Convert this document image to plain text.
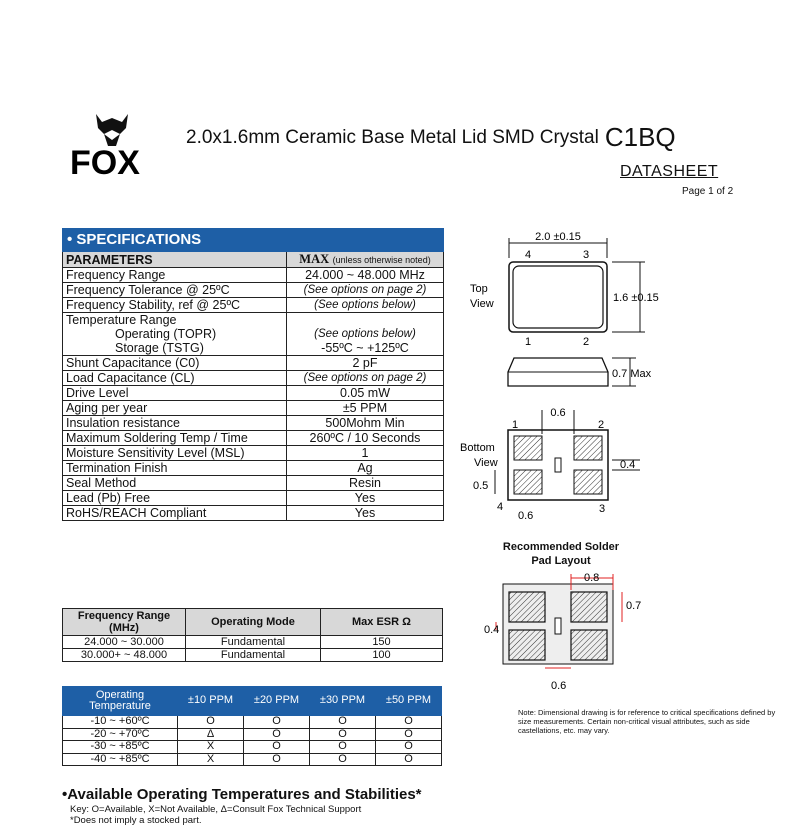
FOX
2.0x1.6mm Ceramic Base Metal Lid SMD Crystal C1BQ
DATASHEET
Page 1 of 2
• SPECIFICATIONS	
PARAMETERS	MAX (unless otherwise noted)
Frequency Range	24.000 ~ 48.000 MHz
Frequency Tolerance @ 25ºC	(See options on page 2)
Frequency Stability, ref @ 25ºC	(See options below)
Temperature Range	
Operating (TOPR)	(See options below)
Storage (TSTG)	-55ºC ~ +125ºC
Shunt Capacitance (C0)	2 pF
Load Capacitance (CL)	(See options on page 2)
Drive Level	0.05 mW
Aging per year	±5 PPM
Insulation resistance	500Mohm Min
Maximum Soldering Temp / Time	260ºC / 10 Seconds
Moisture Sensitivity Level (MSL)	1
Termination Finish	Ag
Seal Method	Resin
Lead (Pb) Free	Yes
RoHS/REACH Compliant	Yes
Frequency Range (MHz)	Operating Mode	Max ESR Ω
24.000 ~ 30.000	Fundamental	150
30.000+ ~ 48.000	Fundamental	100
Operating Temperature	±10 PPM	±20 PPM	±30 PPM	±50 PPM
-10 ~ +60ºC	O	O	O	O
-20 ~ +70ºC	Δ	O	O	O
-30 ~ +85ºC	X	O	O	O
-40 ~ +85ºC	X	O	O	O
•Available Operating Temperatures and Stabilities*
Key: O=Available, X=Not Available, Δ=Consult Fox Technical Support
*Does not imply a stocked part.
2.0 ±0.15
4	3
1	2
1.6 ±0.15
Top
View
0.7 Max
1	2
3
4
0.6
Bottom
View	0.4
0.5
0.6
0.8
0.7
0.4
0.6
Recommended Solder Pad Layout
Note: Dimensional drawing is for reference to critical specifications defined by size measurements. Certain non-critical visual attributes, such as side castellations, etc. may vary.
